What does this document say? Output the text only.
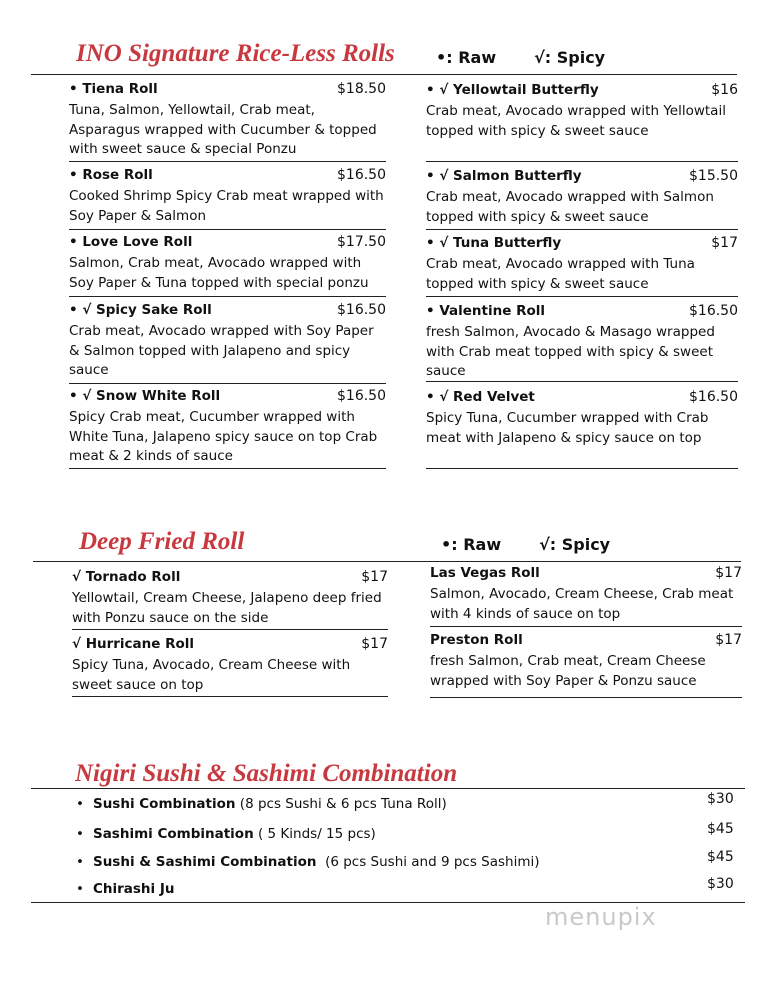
INO Signature Rice-Less Rolls	•: Raw √: Spicy
• Tiena Roll	$18.50
Tuna, Salmon, Yellowtail, Crab meat,
Asparagus wrapped with Cucumber & topped
with sweet sauce & special Ponzu
• Rose Roll	$16.50
Cooked Shrimp Spicy Crab meat wrapped with
Soy Paper & Salmon
• Love Love Roll	$17.50
Salmon, Crab meat, Avocado wrapped with
Soy Paper & Tuna topped with special ponzu
• √ Spicy Sake Roll	$16.50
Crab meat, Avocado wrapped with Soy Paper
& Salmon topped with Jalapeno and spicy
sauce
• √ Snow White Roll	$16.50
Spicy Crab meat, Cucumber wrapped with
White Tuna, Jalapeno spicy sauce on top Crab
meat & 2 kinds of sauce
• √ Yellowtail Butterfly	$16
Crab meat, Avocado wrapped with Yellowtail
topped with spicy & sweet sauce
• √ Salmon Butterfly	$15.50
Crab meat, Avocado wrapped with Salmon
topped with spicy & sweet sauce
• √ Tuna Butterfly	$17
Crab meat, Avocado wrapped with Tuna
topped with spicy & sweet sauce
• Valentine Roll	$16.50
fresh Salmon, Avocado & Masago wrapped
with Crab meat topped with spicy & sweet
sauce
• √ Red Velvet	$16.50
Spicy Tuna, Cucumber wrapped with Crab
meat with Jalapeno & spicy sauce on top
Deep Fried Roll	•: Raw √: Spicy
√ Tornado Roll	$17
Yellowtail, Cream Cheese, Jalapeno deep fried
with Ponzu sauce on the side
√ Hurricane Roll	$17
Spicy Tuna, Avocado, Cream Cheese with
sweet sauce on top
Las Vegas Roll	$17
Salmon, Avocado, Cream Cheese, Crab meat
with 4 kinds of sauce on top
Preston Roll	$17
fresh Salmon, Crab meat, Cream Cheese
wrapped with Soy Paper & Ponzu sauce
Nigiri Sushi & Sashimi Combination
• Sushi Combination (8 pcs Sushi & 6 pcs Tuna Roll)	$30
• Sashimi Combination ( 5 Kinds/ 15 pcs)	$45
• Sushi & Sashimi Combination  (6 pcs Sushi and 9 pcs Sashimi)	$45
• Chirashi Ju	$30
menupix
